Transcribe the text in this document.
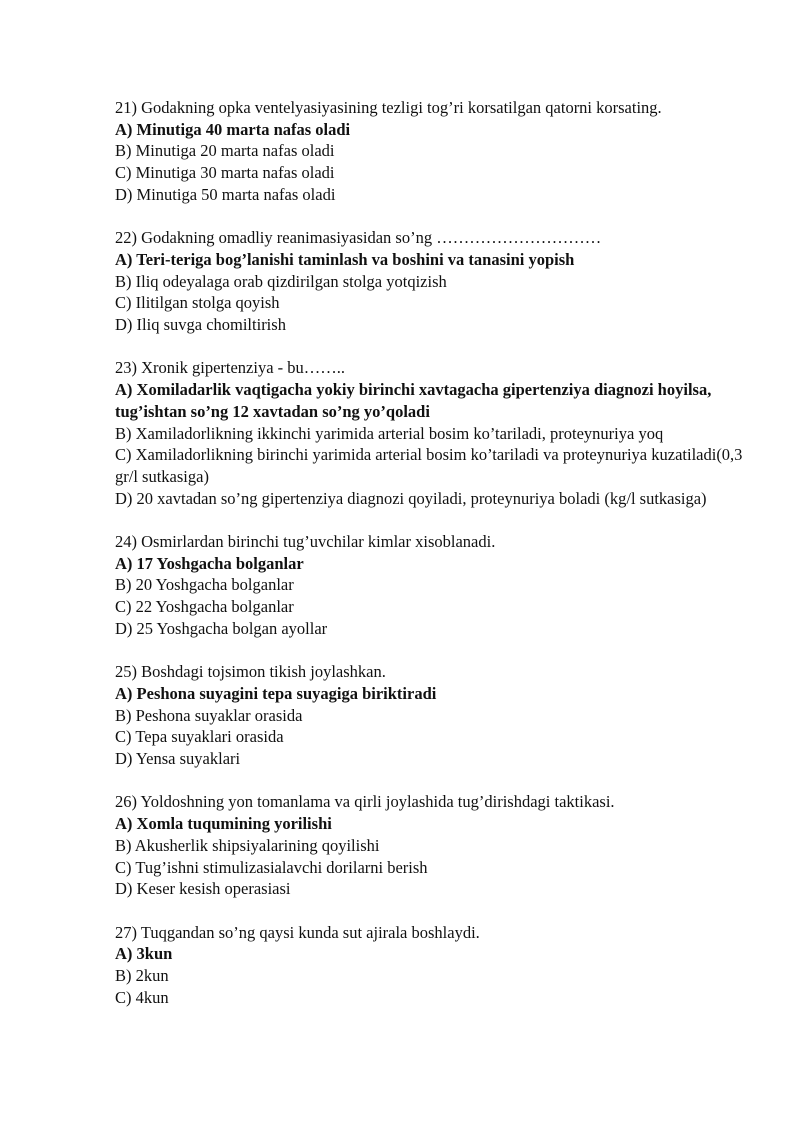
21) Godakning opka ventelyasiyasining tezligi tog’ri korsatilgan qatorni korsating.
A) Minutiga 40 marta nafas oladi
B) Minutiga 20 marta nafas oladi
C) Minutiga 30 marta nafas oladi
D) Minutiga 50 marta nafas oladi
22) Godakning omadliy reanimasiyasidan so’ng …………………………
A) Teri-teriga bog’lanishi taminlash va boshini va tanasini yopish
B) Iliq odeyalaga orab qizdirilgan stolga yotqizish
C) Ilitilgan stolga qoyish
D) Iliq suvga chomiltirish
23) Xronik gipertenziya - bu……..
A) Xomiladarlik vaqtigacha yokiy birinchi xavtagacha gipertenziya diagnozi hoyilsa, tug’ishtan so’ng 12 xavtadan so’ng yo’qoladi
B) Xamiladorlikning ikkinchi yarimida arterial bosim ko’tariladi, proteynuriya yoq
C) Xamiladorlikning birinchi yarimida arterial bosim ko’tariladi va proteynuriya kuzatiladi(0,3
gr/l sutkasiga)
D) 20 xavtadan so’ng gipertenziya diagnozi qoyiladi, proteynuriya boladi (kg/l sutkasiga)
24) Osmirlardan birinchi tug’uvchilar kimlar xisoblanadi.
A) 17 Yoshgacha bolganlar
B) 20 Yoshgacha bolganlar
C) 22 Yoshgacha bolganlar
D) 25 Yoshgacha bolgan ayollar
25) Boshdagi tojsimon tikish joylashkan.
A) Peshona suyagini tepa suyagiga biriktiradi
B) Peshona suyaklar orasida
C) Tepa suyaklari orasida
D) Yensa suyaklari
26) Yoldoshning yon tomanlama va qirli joylashida tug’dirishdagi taktikasi.
A) Xomla tuqumining yorilishi
B) Akusherlik shipsiyalarining qoyilishi
C) Tug’ishni stimulizasialavchi dorilarni berish
D) Keser kesish operasiasi
27) Tuqgandan so’ng qaysi kunda sut ajirala boshlaydi.
A) 3kun
B) 2kun
C) 4kun
